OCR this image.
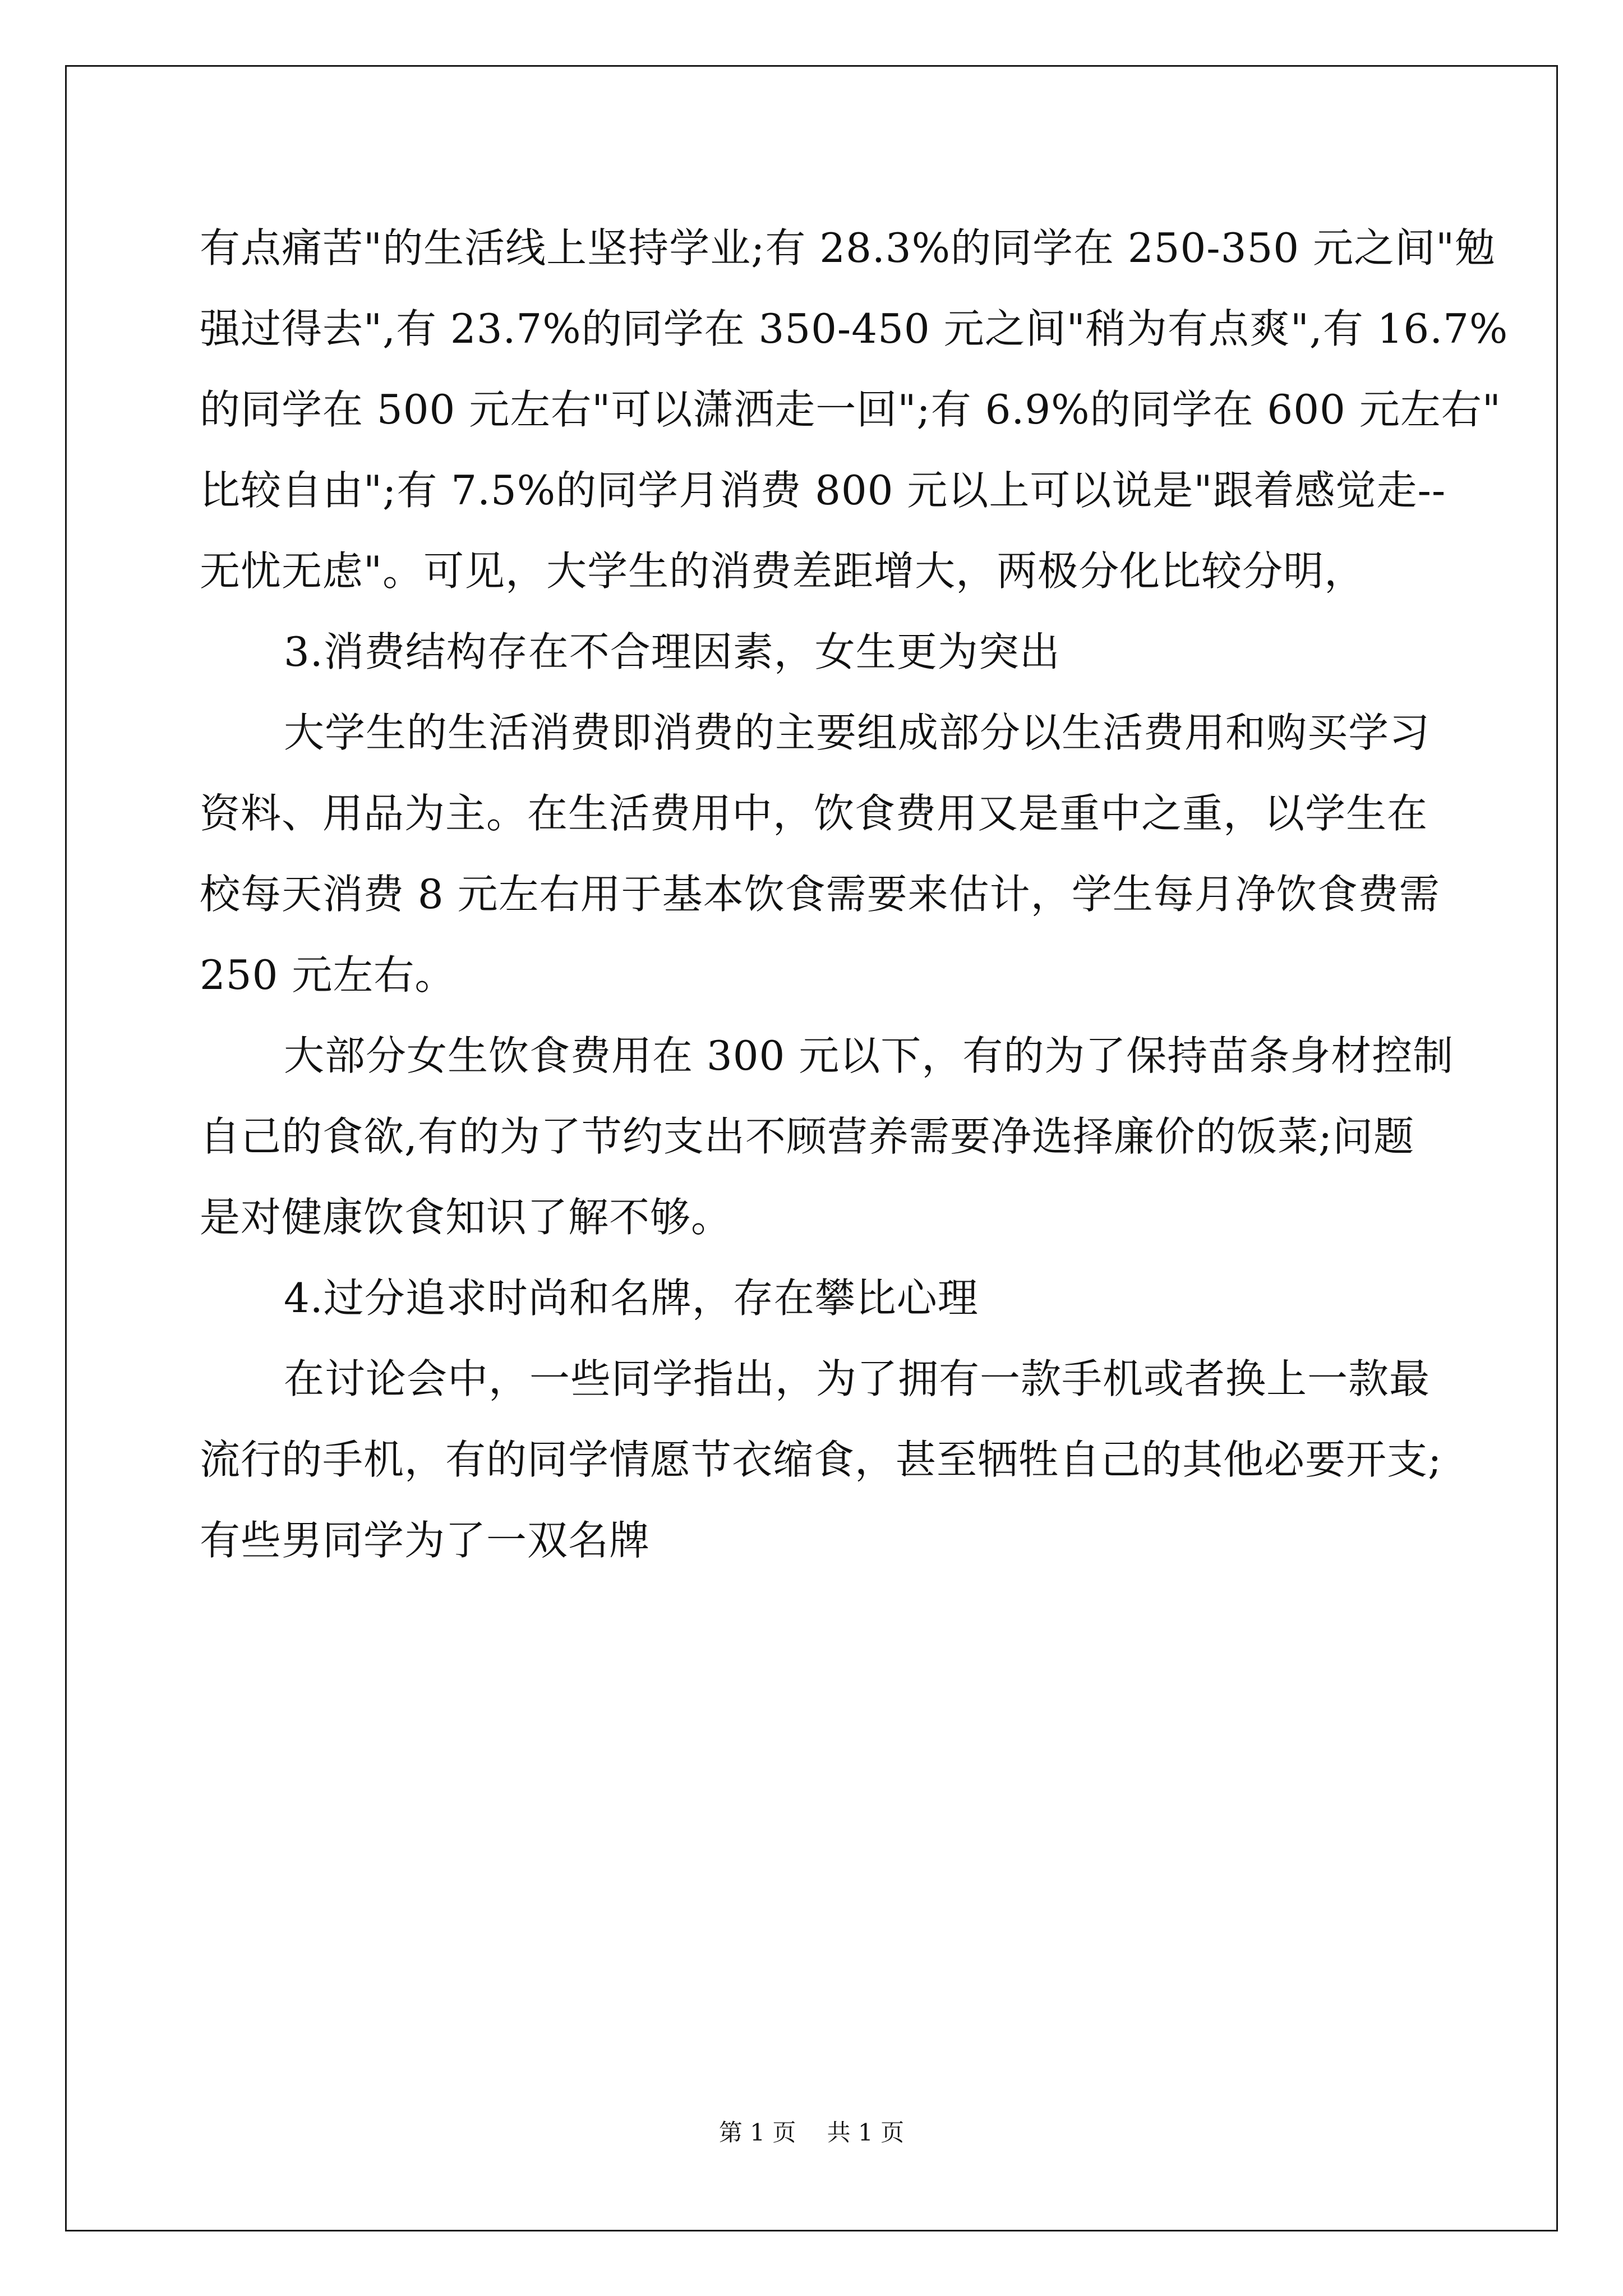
有点痛苦"的生活线上坚持学业;有 28.3%的同学在 250-350 元之间"勉
强过得去",有 23.7%的同学在 350-450 元之间"稍为有点爽",有 16.7%
的同学在 500 元左右"可以潇洒走一回";有 6.9%的同学在 600 元左右"
比较自由";有 7.5%的同学月消费 800 元以上可以说是"跟着感觉走--
无忧无虑"。可见，大学生的消费差距增大，两极分化比较分明，
3.消费结构存在不合理因素，女生更为突出
大学生的生活消费即消费的主要组成部分以生活费用和购买学习
资料、用品为主。在生活费用中，饮食费用又是重中之重，以学生在
校每天消费 8 元左右用于基本饮食需要来估计，学生每月净饮食费需
250 元左右。
大部分女生饮食费用在 300 元以下，有的为了保持苗条身材控制
自己的食欲,有的为了节约支出不顾营养需要净选择廉价的饭菜;问题
是对健康饮食知识了解不够。
4.过分追求时尚和名牌，存在攀比心理
在讨论会中，一些同学指出，为了拥有一款手机或者换上一款最
流行的手机，有的同学情愿节衣缩食，甚至牺牲自己的其他必要开支;
有些男同学为了一双名牌
第 1 页　 共 1 页
